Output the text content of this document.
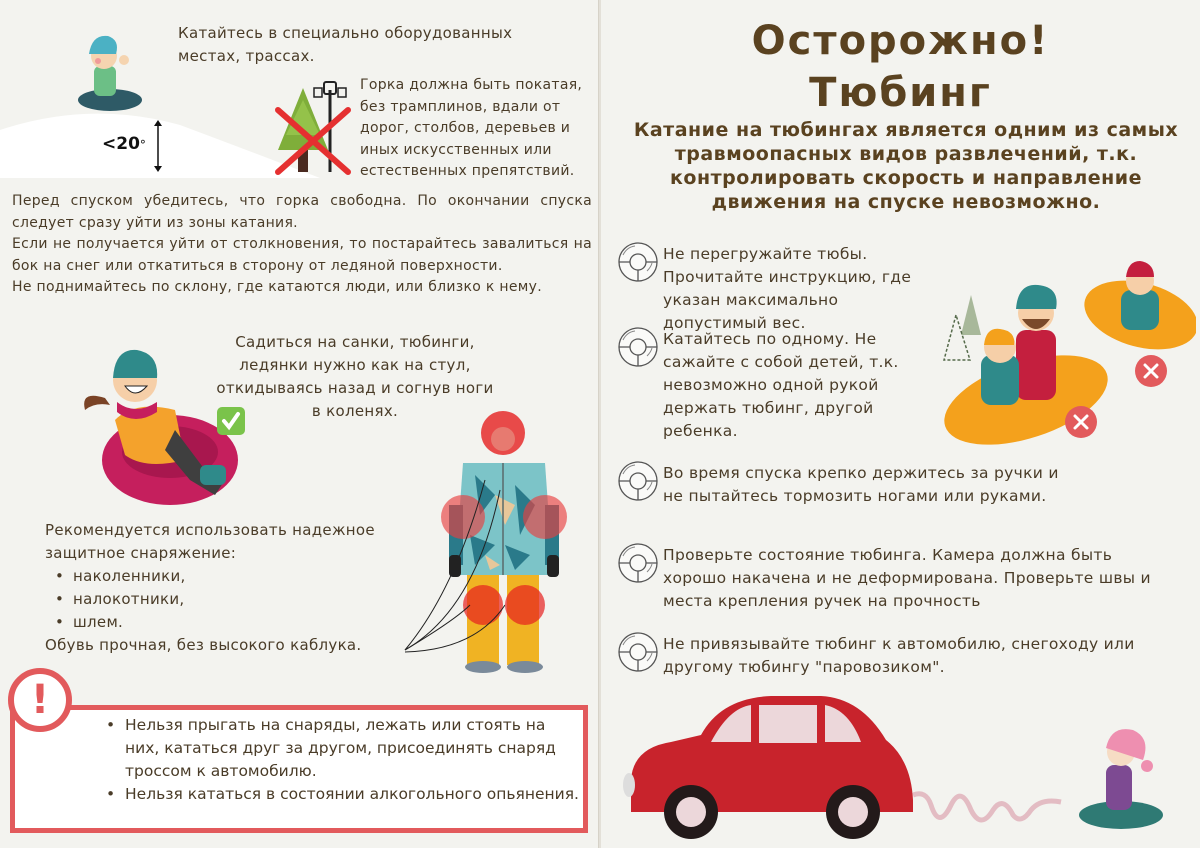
<20°
Катайтесь в специально оборудованных местах, трассах.
Горка должна быть покатая, без трамплинов, вдали от дорог, столбов, деревьев и иных искусственных или естественных препятствий.

Перед спуском убедитесь, что горка свободна. По окончании спуска следует сразу уйти из зоны катания.

Если не получается уйти от столкновения, то постарайтесь завалиться на бок на снег или откатиться в сторону от ледяной поверхности.

Не поднимайтесь по склону, где катаются люди, или близко к нему.

Садиться на санки, тюбинги, ледянки нужно как на стул, откидываясь назад и согнув ноги в коленях.
Рекомендуется использовать надежное защитное снаряжение:
• наколенники,
• налокотники,
• шлем.
Обувь прочная, без высокого каблука.
!
• Нельзя прыгать на снаряды, лежать или стоять на них, кататься друг за другом, присоединять снаряд тросcом к автомобилю.
• Нельзя кататься в состоянии алкогольного опьянения.
Осторожно!
Тюбинг
Катание на тюбингах является одним из самых травмоопасных видов развлечений, т.к. контролировать скорость и направление движения на спуске невозможно.
Не перегружайте тюбы. Прочитайте инструкцию, где указан максимально допустимый вес.
Катайтесь по одному. Не сажайте с собой детей, т.к. невозможно одной рукой держать тюбинг, другой ребенка.
Во время спуска крепко держитесь за ручки и не пытайтесь тормозить ногами или руками.
Проверьте состояние тюбинга. Камера должна быть хорошо накачена и не деформирована. Проверьте швы и места крепления ручек на прочность
Не привязывайте тюбинг к автомобилю, снегоходу или другому тюбингу "паровозиком".
